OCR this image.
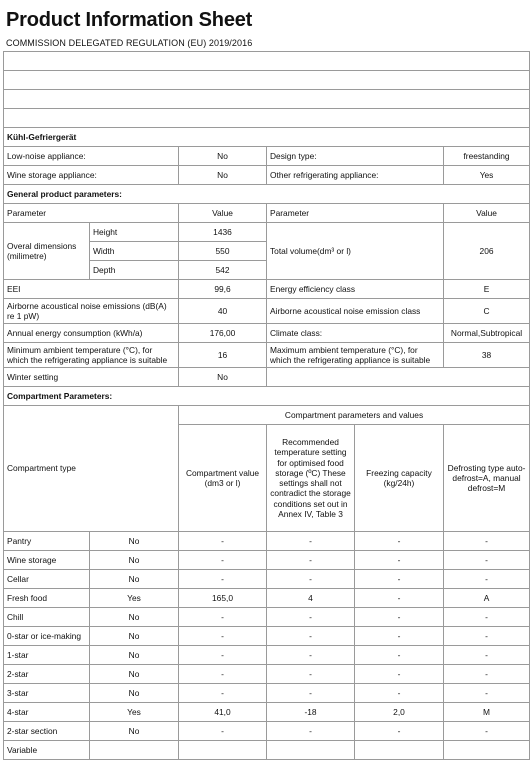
Product Information Sheet
COMMISSION DELEGATED REGULATION (EU) 2019/2016

Kühl-Gefriergerät					
Low-noise appliance:		No	Design type:		freestanding
Wine storage appliance:		No	Other refrigerating appliance:		Yes
General product parameters:					
Parameter		Value	Parameter		Value
Overal dimensions (milimetre)	Height	1436	Total volume(dm³ or l)		206
	Width	550			
	Depth	542			
EEI		99,6	Energy efficiency class		E
Airborne acoustical noise emissions (dB(A) re 1 pW)		40	Airborne acoustical noise emission class		C
Annual energy consumption (kWh/a)		176,00	Climate class:		Normal,Subtropical
Minimum ambient temperature (°C), for which the refrigerating appliance is suitable		16	Maximum ambient temperature (°C), for which the refrigerating appliance is suitable		38
Winter setting		No			
Compartment Parameters:					
Compartment type		Compartment parameters and values			
		Compartment value (dm3 or l)	Recommended temperature setting for optimised food storage (ºC) These settings shall not contradict the storage conditions set out in Annex IV, Table 3	Freezing capacity (kg/24h)	Defrosting type auto-defrost=A, manual defrost=M
Pantry	No	-	-	-	-
Wine storage	No	-	-	-	-
Cellar	No	-	-	-	-
Fresh food	Yes	165,0	4	-	A
Chill	No	-	-	-	-
0-star or ice-making	No	-	-	-	-
1-star	No	-	-	-	-
2-star	No	-	-	-	-
3-star	No	-	-	-	-
4-star	Yes	41,0	-18	2,0	M
2-star section	No	-	-	-	-
Variable					
